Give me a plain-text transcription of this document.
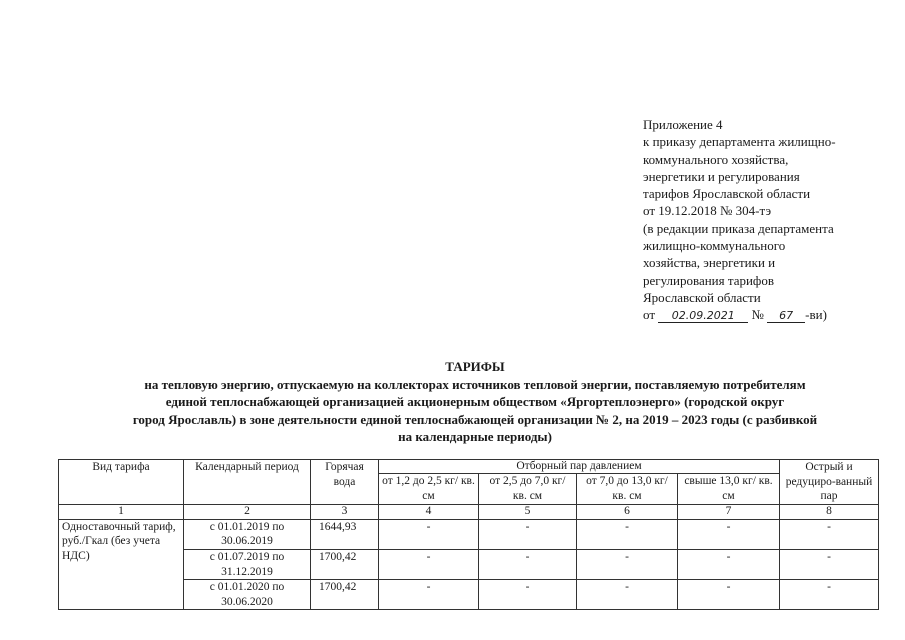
Приложение 4
к приказу департамента жилищно-
коммунального хозяйства,
энергетики и регулирования
тарифов Ярославской области
от 19.12.2018 № 304-тэ
(в редакции приказа департамента
жилищно-коммунального
хозяйства, энергетики и
регулирования тарифов
Ярославской области
от 02.09.2021 № 67 -ви)
ТАРИФЫ
на тепловую энергию, отпускаемую на коллекторах источников тепловой энергии, поставляемую потребителям
единой теплоснабжающей организацией акционерным обществом «Яргортеплоэнерго» (городской округ
город Ярославль) в зоне деятельности единой теплоснабжающей организации № 2, на 2019 – 2023 годы (с разбивкой
на календарные периоды)
Вид тарифа	Календарный период	Горячая вода	Отборный пар давлением				Острый и редуциро-ванный пар
			от 1,2 до 2,5 кг/ кв. см	от 2,5 до 7,0 кг/ кв. см	от 7,0 до 13,0 кг/ кв. см	свыше 13,0 кг/ кв. см	
1	2	3	4	5	6	7	8
Одноставочный тариф, руб./Гкал (без учета НДС)	с 01.01.2019 по 30.06.2019	1644,93	-	-	-	-	-
	с 01.07.2019 по 31.12.2019	1700,42	-	-	-	-	-
	с 01.01.2020 по 30.06.2020	1700,42	-	-	-	-	-
